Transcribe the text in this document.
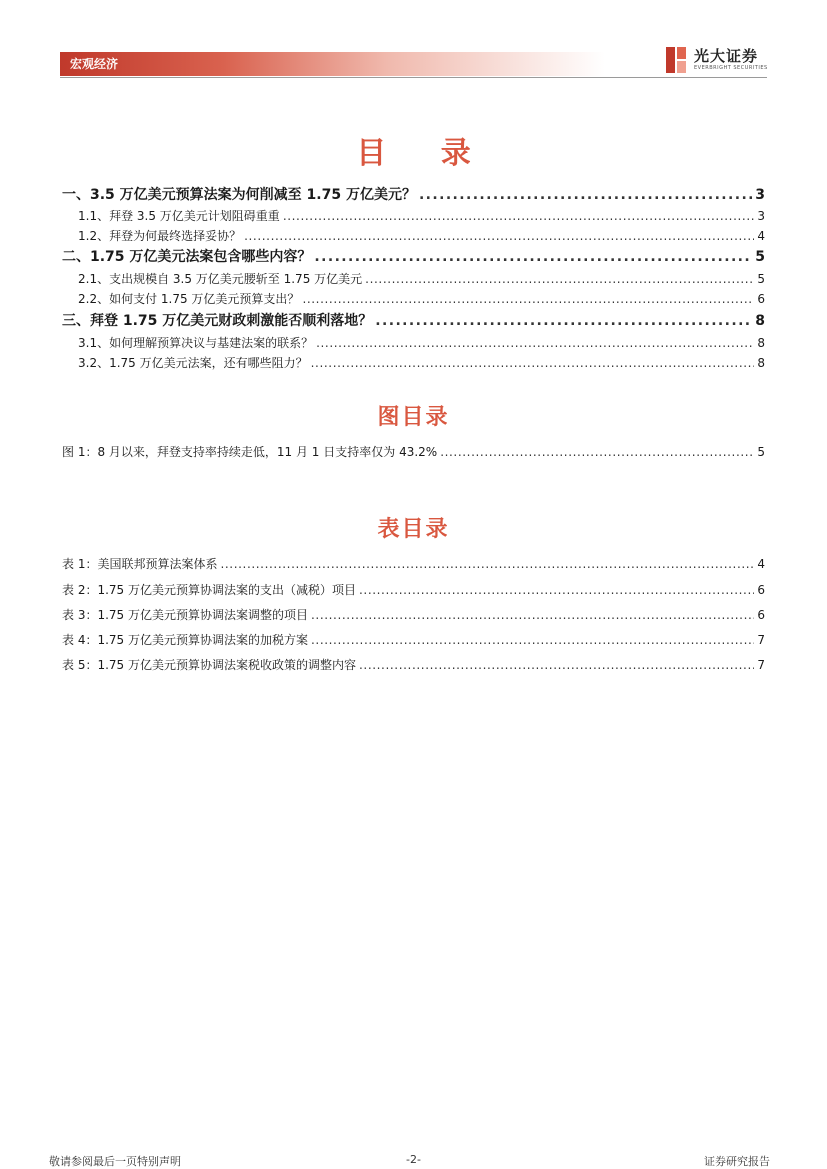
宏观经济	光大证券
EVERBRIGHT SECURITIES
目 录
一、3.5 万亿美元预算法案为何削减至 1.75 万亿美元？ .....	3
1.1、拜登 3.5 万亿美元计划阻碍重重 .....	3
1.2、拜登为何最终选择妥协？ .....	4
二、1.75 万亿美元法案包含哪些内容？ .....	5
2.1、支出规模自 3.5 万亿美元腰斩至 1.75 万亿美元 .....	5
2.2、如何支付 1.75 万亿美元预算支出？ .....	6
三、拜登 1.75 万亿美元财政刺激能否顺利落地？ .....	8
3.1、如何理解预算决议与基建法案的联系？ .....	8
3.2、1.75 万亿美元法案，还有哪些阻力？ .....	8
图目录
图 1：8 月以来，拜登支持率持续走低，11 月 1 日支持率仅为 43.2% .....	5
表目录
表 1：美国联邦预算法案体系 .....	4
表 2：1.75 万亿美元预算协调法案的支出（减税）项目 .....	6
表 3：1.75 万亿美元预算协调法案调整的项目 .....	6
表 4：1.75 万亿美元预算协调法案的加税方案 .....	7
表 5：1.75 万亿美元预算协调法案税收政策的调整内容 .....	7
敬请参阅最后一页特别声明	-2-	证券研究报告
